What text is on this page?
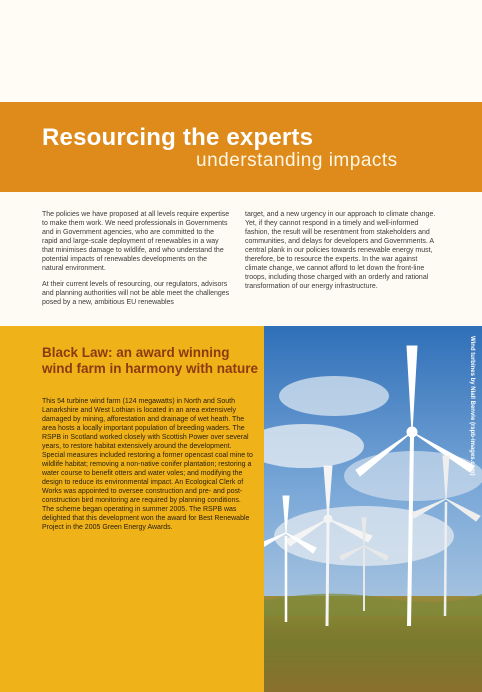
Resourcing the experts
understanding impacts

The policies we have proposed at all levels require expertise to make them work. We need professionals in Governments and in Government agencies, who are committed to the rapid and large-scale deployment of renewables in a way that minimises damage to wildlife, and who understand the potential impacts of renewables developments on the natural environment.

At their current levels of resourcing, our regulators, advisors and planning authorities will not be able meet the challenges posed by a new, ambitious EU renewables

target, and a new urgency in our approach to climate change. Yet, if they cannot respond in a timely and well-informed fashion, the result will be resentment from stakeholders and communities, and delays for developers and Governments. A central plank in our policies towards renewable energy must, therefore, be to resource the experts. In the war against climate change, we cannot afford to let down the front-line troops, including those charged with an orderly and rational transformation of our energy infrastructure.

Black Law: an award winning
wind farm in harmony with nature
This 54 turbine wind farm (124 megawatts) in North and South Lanarkshire and West Lothian is located in an area extensively damaged by mining, afforestation and drainage of wet heath. The area hosts a locally important population of breeding waders. The RSPB in Scotland worked closely with Scottish Power over several years, to restore habitat extensively around the development. Special measures included restoring a former opencast coal mine to wildlife habitat; removing a non-native conifer plantation; restoring a water course to benefit otters and water voles; and modifying the design to reduce its environmental impact. An Ecological Clerk of Works was appointed to oversee construction and pre- and post-construction bird monitoring are required by planning conditions. The scheme began operating in summer 2005. The RSPB was delighted that this development won the award for Best Renewable Project in the 2005 Green Energy Awards.
Wind turbines by Niall Benvie (rspb-images.com)
